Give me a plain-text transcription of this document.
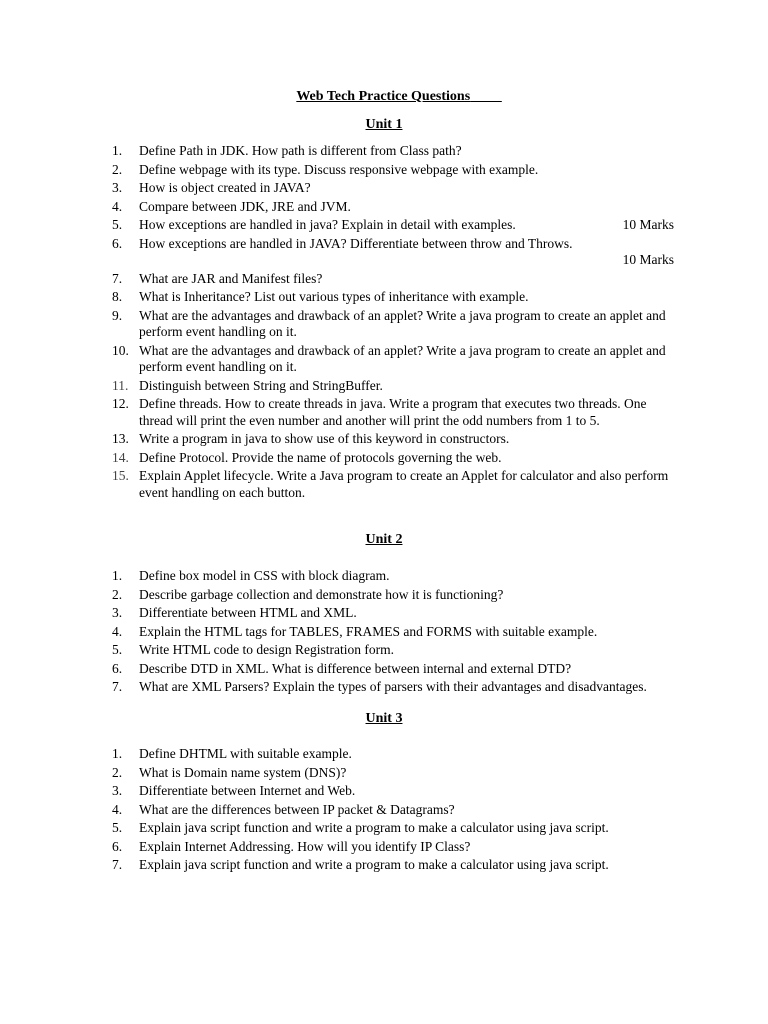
Web Tech Practice Questions ____
Unit 1
1. Define Path in JDK. How path is different from Class path?
2. Define webpage with its type. Discuss responsive webpage with example.
3. How is object created in JAVA?
4. Compare between JDK, JRE and JVM.
5. How exceptions are handled in java? Explain in detail with examples.	10 Marks
6. How exceptions are handled in JAVA? Differentiate between throw and Throws.
10 Marks
7. What are JAR and Manifest files?
8. What is Inheritance? List out various types of inheritance with example.
9. What are the advantages and drawback of an applet? Write a java program to create an applet and perform event handling on it.
10. What are the advantages and drawback of an applet? Write a java program to create an applet and perform event handling on it.
11. Distinguish between String and StringBuffer.
12. Define threads. How to create threads in java. Write a program that executes two threads. One thread will print the even number and another will print the odd numbers from 1 to 5.
13. Write a program in java to show use of this keyword in constructors.
14. Define Protocol. Provide the name of protocols governing the web.
15. Explain Applet lifecycle. Write a Java program to create an Applet for calculator and also perform event handling on each button.
Unit 2
1. Define box model in CSS with block diagram.
2. Describe garbage collection and demonstrate how it is functioning?
3. Differentiate between HTML and XML.
4. Explain the HTML tags for TABLES, FRAMES and FORMS with suitable example.
5. Write HTML code to design Registration form.
6. Describe DTD in XML. What is difference between internal and external DTD?
7. What are XML Parsers? Explain the types of parsers with their advantages and disadvantages.
Unit 3
1. Define DHTML with suitable example.
2. What is Domain name system (DNS)?
3. Differentiate between Internet and Web.
4. What are the differences between IP packet & Datagrams?
5. Explain java script function and write a program to make a calculator using java script.
6. Explain Internet Addressing. How will you identify IP Class?
7. Explain java script function and write a program to make a calculator using java script.
